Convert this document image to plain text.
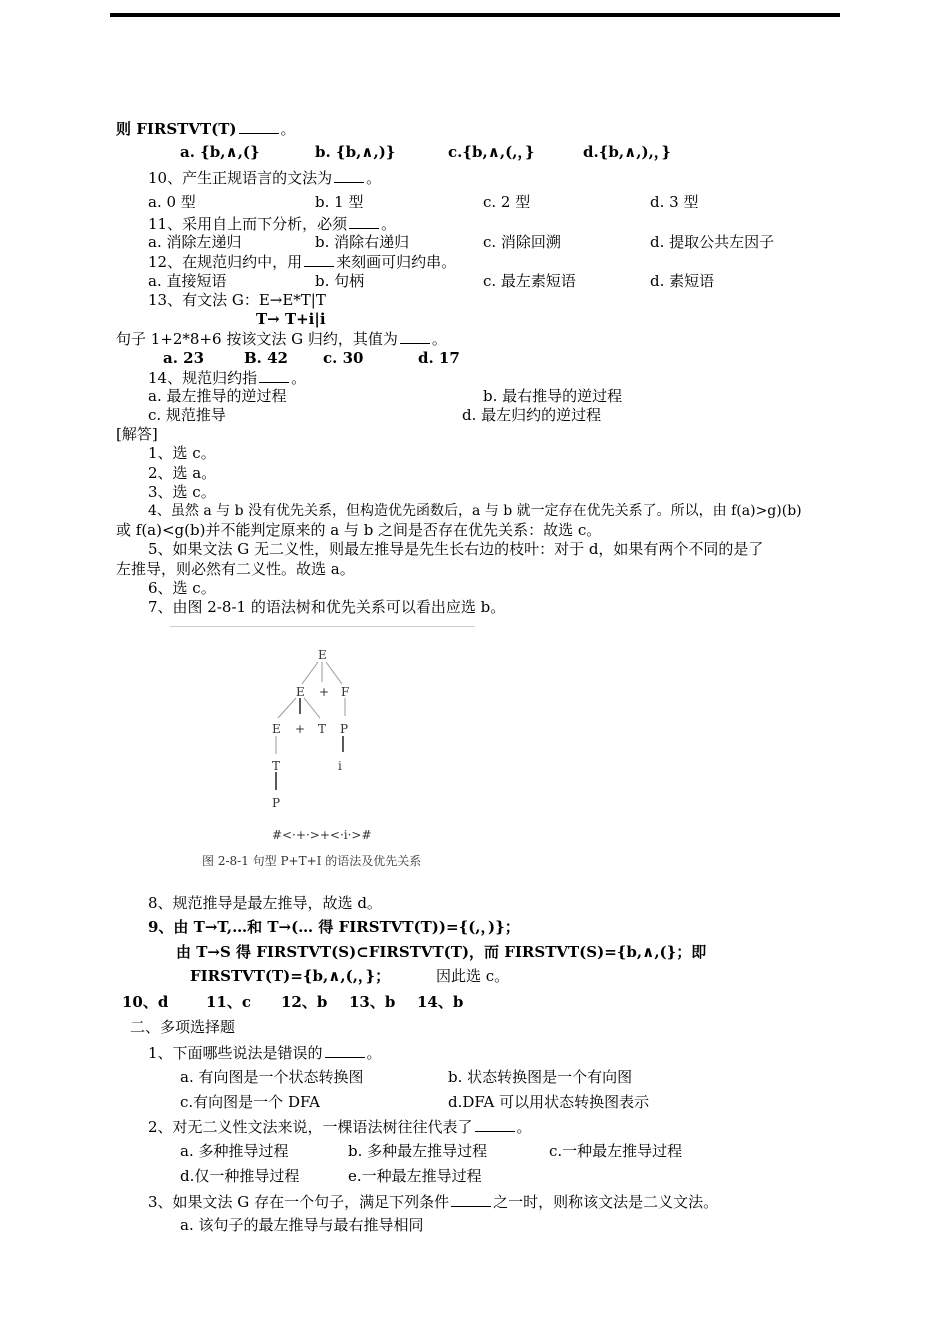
则 FIRSTVT(T)	。
a. {b,∧,(}	b. {b,∧,)}	c.{b,∧,(,，}	d.{b,∧,),，}
10、产生正规语言的文法为 。
a. 0 型	b. 1 型	c. 2 型	d. 3 型
11、采用自上而下分析，必须 。
a. 消除左递归	b. 消除右递归	c. 消除回溯	d. 提取公共左因子
12、在规范归约中，用 来刻画可归约串。
a. 直接短语	b. 句柄	c. 最左素短语	d. 素短语
13、有文法 G：E→E*T|T
T→ T+i|i
句子 1+2*8+6 按该文法 G 归约，其值为 。
a. 23	B. 42 c. 30	d. 17
14、规范归约指 。
a. 最左推导的逆过程	b. 最右推导的逆过程
c. 规范推导	d. 最左归约的逆过程
[解答]
1、选 c。
2、选 a。
3、选 c。
4、虽然 a 与 b 没有优先关系，但构造优先函数后，a 与 b 就一定存在优先关系了。所以，由 f(a)>g)(b)
或 f(a)<g(b)并不能判定原来的 a 与 b 之间是否存在优先关系：故选 c。
5、如果文法 G 无二义性，则最左推导是先生长右边的枝叶：对于 d，如果有两个不同的是了
左推导，则必然有二义性。故选 a。
6、选 c。
7、由图 2-8-1 的语法树和优先关系可以看出应选 b。
E
E + F
E + T P
T	i
P
#<·+·>+<·i·>#
图 2-8-1 句型 P+T+I 的语法及优先关系
8、规范推导是最左推导，故选 d。
9、由 T→T,…和 T→(… 得 FIRSTVT(T))={(,，)}；
由 T→S 得 FIRSTVT(S)⊂FIRSTVT(T)，而 FIRSTVT(S)={b,∧,(}；即
FIRSTVT(T)={b,∧,(,，}；	因此选 c。
10、d	11、c 12、b 13、b 14、b
二、多项选择题
1、下面哪些说法是错误的	。
a. 有向图是一个状态转换图	b. 状态转换图是一个有向图
c.有向图是一个 DFA	d.DFA 可以用状态转换图表示
2、对无二义性文法来说，一棵语法树往往代表了	。
a. 多种推导过程	b. 多种最左推导过程	c.一种最左推导过程
d.仅一种推导过程	e.一种最左推导过程
3、如果文法 G 存在一个句子，满足下列条件	之一时，则称该文法是二义文法。
a. 该句子的最左推导与最右推导相同
